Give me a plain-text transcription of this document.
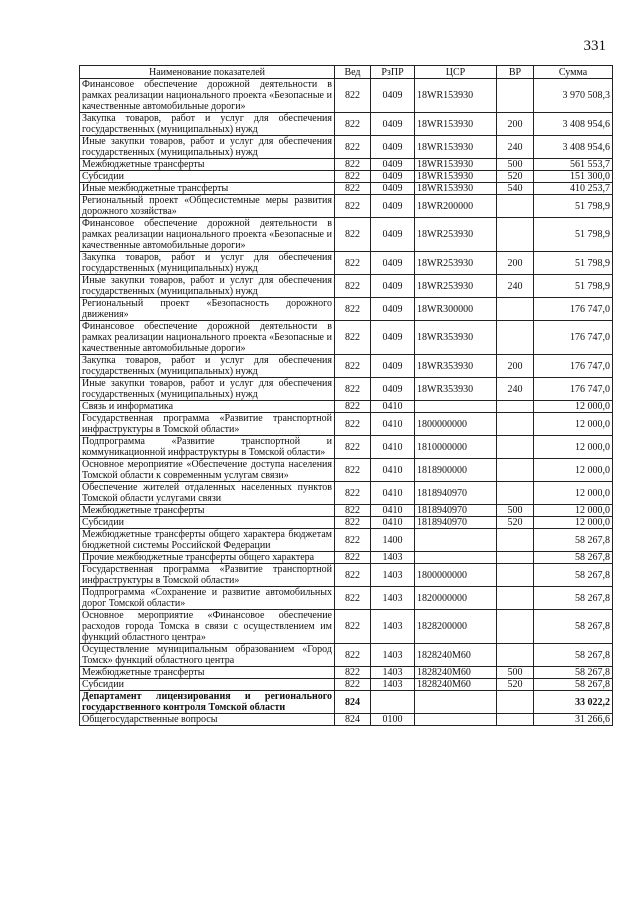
331
Наименование показателей	Вед	РзПР	ЦСР	ВР	Сумма
Финансовое обеспечение дорожной деятельности в рамках реализации национального проекта «Безопасные и качественные автомобильные дороги»	822	0409	18WR153930		3 970 508,3
Закупка товаров, работ и услуг для обеспечения государственных (муниципальных) нужд	822	0409	18WR153930	200	3 408 954,6
Иные закупки товаров, работ и услуг для обеспечения государственных (муниципальных) нужд	822	0409	18WR153930	240	3 408 954,6
Межбюджетные трансферты	822	0409	18WR153930	500	561 553,7
Субсидии	822	0409	18WR153930	520	151 300,0
Иные межбюджетные трансферты	822	0409	18WR153930	540	410 253,7
Региональный проект «Общесистемные меры развития дорожного хозяйства»	822	0409	18WR200000		51 798,9
Финансовое обеспечение дорожной деятельности в рамках реализации национального проекта «Безопасные и качественные автомобильные дороги»	822	0409	18WR253930		51 798,9
Закупка товаров, работ и услуг для обеспечения государственных (муниципальных) нужд	822	0409	18WR253930	200	51 798,9
Иные закупки товаров, работ и услуг для обеспечения государственных (муниципальных) нужд	822	0409	18WR253930	240	51 798,9
Региональный проект «Безопасность дорожного движения»	822	0409	18WR300000		176 747,0
Финансовое обеспечение дорожной деятельности в рамках реализации национального проекта «Безопасные и качественные автомобильные дороги»	822	0409	18WR353930		176 747,0
Закупка товаров, работ и услуг для обеспечения государственных (муниципальных) нужд	822	0409	18WR353930	200	176 747,0
Иные закупки товаров, работ и услуг для обеспечения государственных (муниципальных) нужд	822	0409	18WR353930	240	176 747,0
Связь и информатика	822	0410			12 000,0
Государственная программа «Развитие транспортной инфраструктуры в Томской области»	822	0410	1800000000		12 000,0
Подпрограмма «Развитие транспортной и коммуникационной инфраструктуры в Томской области»	822	0410	1810000000		12 000,0
Основное мероприятие «Обеспечение доступа населения Томской области к современным услугам связи»	822	0410	1818900000		12 000,0
Обеспечение жителей отдаленных населенных пунктов Томской области услугами связи	822	0410	1818940970		12 000,0
Межбюджетные трансферты	822	0410	1818940970	500	12 000,0
Субсидии	822	0410	1818940970	520	12 000,0
Межбюджетные трансферты общего характера бюджетам бюджетной системы Российской Федерации	822	1400			58 267,8
Прочие межбюджетные трансферты общего характера	822	1403			58 267,8
Государственная программа «Развитие транспортной инфраструктуры в Томской области»	822	1403	1800000000		58 267,8
Подпрограмма «Сохранение и развитие автомобильных дорог Томской области»	822	1403	1820000000		58 267,8
Основное мероприятие «Финансовое обеспечение расходов города Томска в связи с осуществлением им функций областного центра»	822	1403	1828200000		58 267,8
Осуществление муниципальным образованием «Город Томск» функций областного центра	822	1403	1828240М60		58 267,8
Межбюджетные трансферты	822	1403	1828240М60	500	58 267,8
Субсидии	822	1403	1828240М60	520	58 267,8
Департамент лицензирования и регионального государственного контроля Томской области	824				33 022,2
Общегосударственные вопросы	824	0100			31 266,6
